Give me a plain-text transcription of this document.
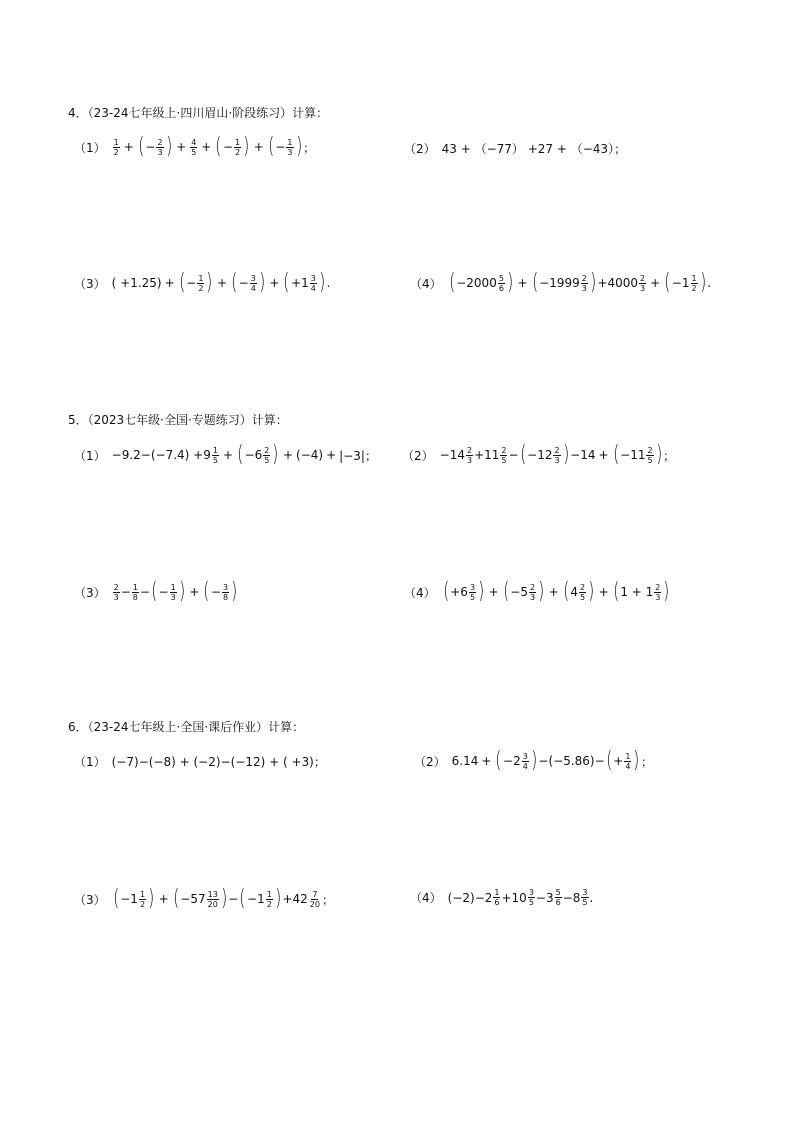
4．（23-24七年级上·四川眉山·阶段练习）计算：
$(1) \frac{1}{2}$ + ( − $\frac{2}{3}$ ) + $\frac{4}{5}$ + ( − $\frac{1}{2}$ ) + ( − $\frac{1}{3}$ ) ；	（2） 43 + （−77） +27 + （−43）；
（3） ( +1.25) + ( − $\frac{1}{2}$ ) + ( − $\frac{3}{4}$ ) + ( $+1 \frac{3}{4}$ ) .	（4） ( $-2000 \frac{5}{6}$ ) + ( $-1999 \frac{2}{3}$ ) $+4000 \frac{2}{3}$ + ( $-1 \frac{1}{2}$ ) .
5．（2023七年级·全国·专题练习）计算：
$(1) -9.2-(-7.4) +9 \frac{1}{5}$ + ( $-6 \frac{2}{5}$ ) + (−4) + |−3|； $(2) -14 \frac{2}{3} +11 \frac{2}{5}$ − ( $-12 \frac{2}{3}$ ) −14 + ( $-11 \frac{2}{5}$ ) ；
$(3) \frac{2}{3} - \frac{1}{8}$ − ( − $\frac{1}{3}$ ) + ( − $\frac{3}{8}$ )	（4） ( $+6 \frac{3}{5}$ ) + ( $-5 \frac{2}{3}$ ) + ( $4 \frac{2}{5}$ ) + ( $1 + 1 \frac{2}{3}$ )
6．（23-24七年级上·全国·课后作业）计算：
（1） (−7)−(−8) + (−2)−(−12) + ( +3)；	（2） 6.14 + ( $-2 \frac{3}{4}$ ) −(−5.86)− ( + $\frac{1}{4}$ ) ；
（3） ( $-1 \frac{1}{2}$ ) + ( $-57 \frac{13}{20}$ ) − ( $-1 \frac{1}{2}$ ) $+42 \frac{7}{20}$ ；	（4） $(-2)-2 \frac{1}{6} +10 \frac{3}{5} -3 \frac{5}{6} -8 \frac{3}{5}$ .
